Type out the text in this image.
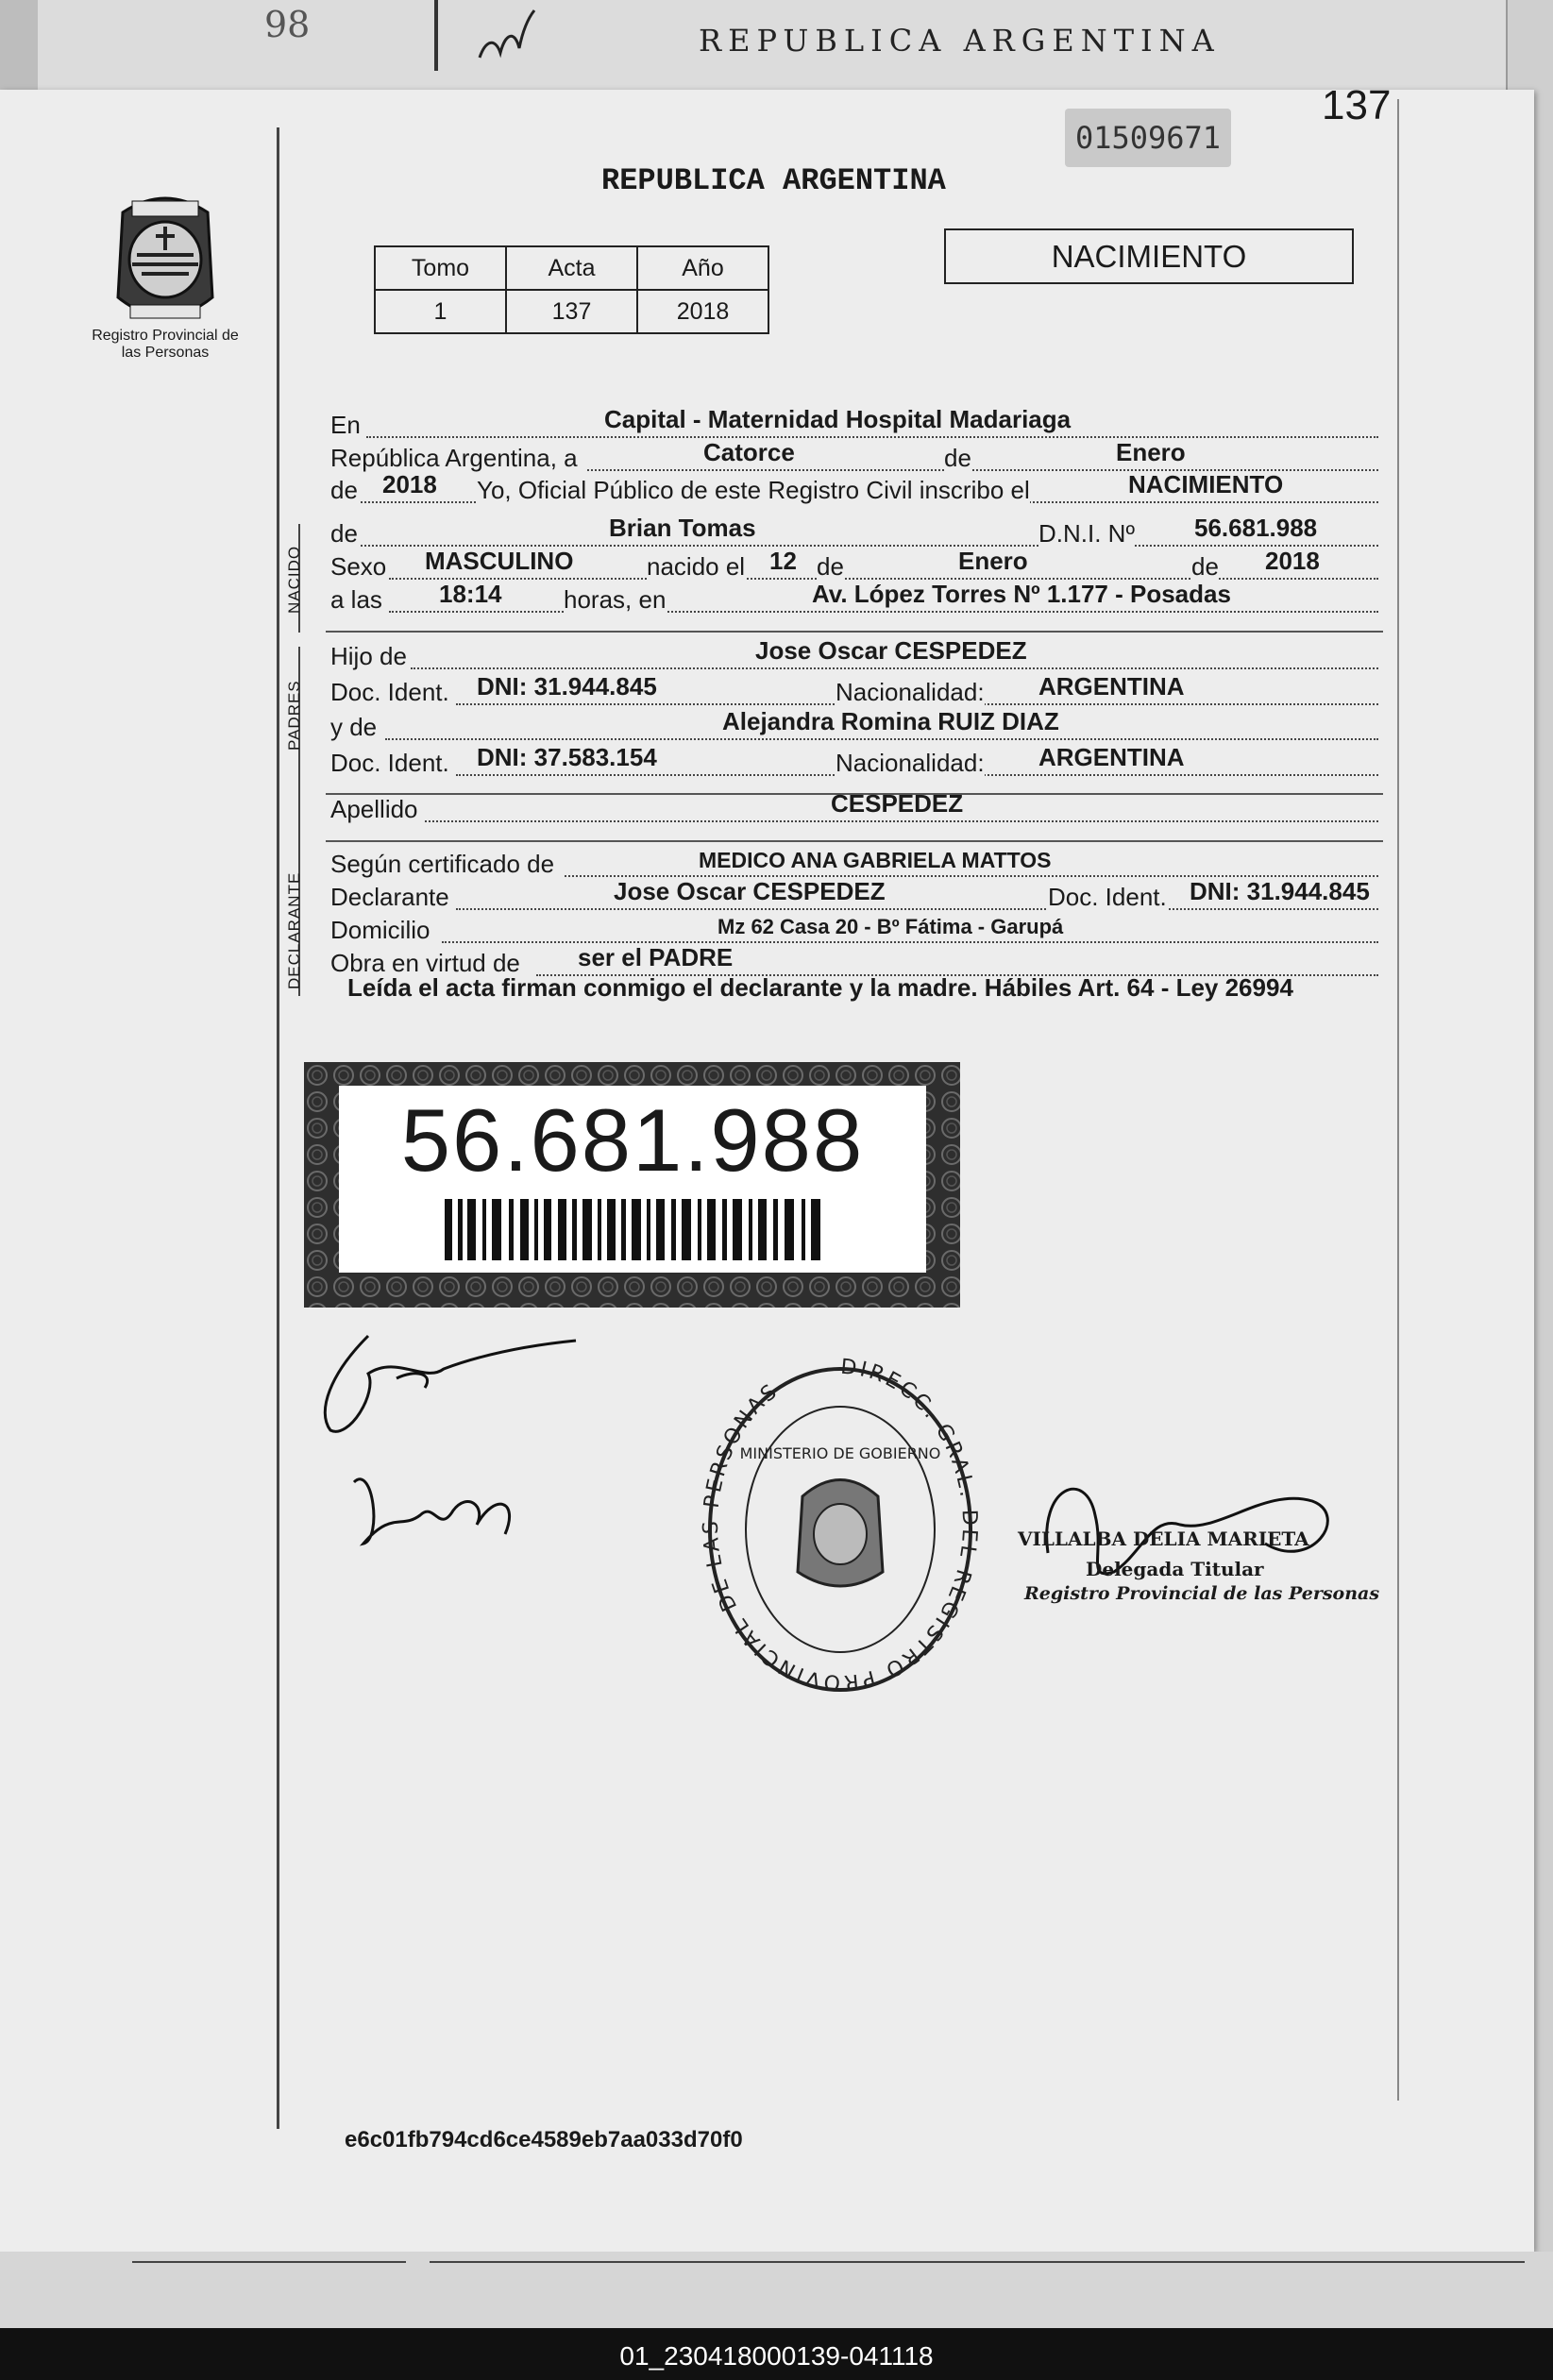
98	REPUBLICA ARGENTINA
137
Registro Provincial de las Personas
01509671
REPUBLICA ARGENTINA
Tomo	Acta	Año
1	137	2018
NACIMIENTO
En	Capital - Maternidad Hospital Madariaga
República Argentina, a	Catorce	de	Enero
de 2018 Yo, Oficial Público de este Registro Civil inscribo el	NACIMIENTO
NACIDO
de	Brian Tomas	D.N.I. Nº 56.681.988
Sexo MASCULINO	nacido el 12 de	Enero	de 2018
a las 18:14	horas, en	Av. López Torres Nº 1.177 - Posadas
PADRES
Hijo de	Jose Oscar CESPEDEZ
Doc. Ident. DNI: 31.944.845	Nacionalidad: ARGENTINA
y de	Alejandra Romina RUIZ DIAZ
Doc. Ident. DNI: 37.583.154	Nacionalidad: ARGENTINA
Apellido	CESPEDEZ
DECLARANTE
Según certificado de	MEDICO ANA GABRIELA MATTOS
Declarante	Jose Oscar CESPEDEZ	Doc. Ident. DNI: 31.944.845
Domicilio	Mz 62 Casa 20 - Bº Fátima - Garupá
Obra en virtud de ser el PADRE
Leída el acta firman conmigo el declarante y la madre. Hábiles Art. 64 - Ley 26994
56.681.988
DIRECC. GRAL. DEL REGISTRO PROVINCIAL DE LAS PERSONAS
MINISTERIO DE GOBIERNO
VILLALBA DELIA MARIETA
Delegada Titular
Registro Provincial de las Personas
e6c01fb794cd6ce4589eb7aa033d70f0
01_230418000139-041118
